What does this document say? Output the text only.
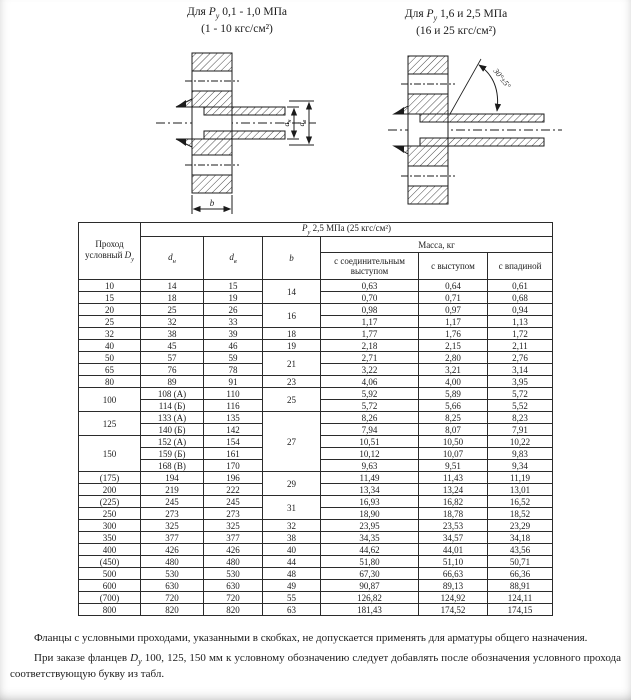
Для $P_у$ 0,1 - 1,0 МПа
(1 - 10 кгс/см²)
Для $P_у$ 1,6 и 2,5 МПа
(16 и 25 кгс/см²)
$d_н$
$d_в$
b
30°±5°
Проход
условный $D_у$	$P_у$ 2,5 МПа (25 кгс/см²)					
	$d_н$	$d_в$	b	Масса, кг		
				с соединительным выступом	с выступом	с впадиной
10	14	15	14	0,63	0,64	0,61
15	18	19		0,70	0,71	0,68
20	25	26	16	0,98	0,97	0,94
25	32	33		1,17	1,17	1,13
32	38	39	18	1,77	1,76	1,72
40	45	46	19	2,18	2,15	2,11
50	57	59	21	2,71	2,80	2,76
65	76	78		3,22	3,21	3,14
80	89	91	23	4,06	4,00	3,95
100	108 (А)	110	25	5,92	5,89	5,72
	114 (Б)	116		5,72	5,66	5,52
125	133 (А)	135	27	8,26	8,25	8,23
	140 (Б)	142		7,94	8,07	7,91
150	152 (А)	154		10,51	10,50	10,22
	159 (Б)	161		10,12	10,07	9,83
	168 (В)	170		9,63	9,51	9,34
(175)	194	196	29	11,49	11,43	11,19
200	219	222		13,34	13,24	13,01
(225)	245	245	31	16,93	16,82	16,52
250	273	273		18,90	18,78	18,52
300	325	325	32	23,95	23,53	23,29
350	377	377	38	34,35	34,57	34,18
400	426	426	40	44,62	44,01	43,56
(450)	480	480	44	51,80	51,10	50,71
500	530	530	48	67,30	66,63	66,36
600	630	630	49	90,87	89,13	88,91
(700)	720	720	55	126,82	124,92	124,11
800	820	820	63	181,43	174,52	174,15

Фланцы с условными проходами, указанными в скобках, не допускается применять для арматуры общего назначения.

При заказе фланцев $D_у$ 100, 125, 150 мм к условному обозначению следует добавлять после обозначения условного прохода соответствующую букву из табл.
